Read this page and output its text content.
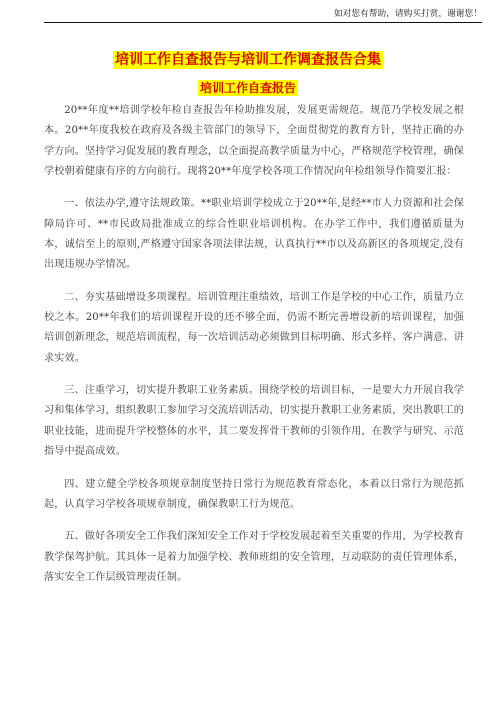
如对您有帮助，请购买打赏，谢谢您！
培训工作自查报告与培训工作调查报告合集
培训工作自查报告

20**年度**培训学校年检自查报告年检助推发展，发展更需规范。规范乃学校发展之根本。20**年度我校在政府及各级主管部门的领导下，全面贯彻党的教育方针，坚持正确的办学方向。坚持学习促发展的教育理念，以全面提高教学质量为中心，严格规范学校管理，确保学校朝着健康有序的方向前行。现将20**年度学校各项工作情况向年检组领导作简要汇报：

一、依法办学,遵守法规政策。**职业培训学校成立于20**年,是经**市人力资源和社会保障局许可、**市民政局批准成立的综合性职业培训机构。在办学工作中，我们遵循质量为本，诚信至上的原则,严格遵守国家各项法律法规，认真执行**市以及高新区的各项规定,没有出现违规办学情况。

二、夯实基础增设多项课程。培训管理注重绩效，培训工作是学校的中心工作，质量乃立校之本。20**年我们的培训课程开设的还不够全面，仍需不断完善增设新的培训课程，加强培训创新理念，规范培训流程，每一次培训活动必须做到目标明确、形式多样、客户满意、讲求实效。

三、注重学习，切实提升教职工业务素质。围绕学校的培训目标，一是要大力开展自我学习和集体学习，组织教职工参加学习交流培训活动，切实提升教职工业务素质，突出教职工的职业技能，进而提升学校整体的水平，其二要发挥骨干教师的引领作用，在教学与研究、示范指导中提高成效。

四、建立健全学校各项规章制度坚持日常行为规范教育常态化，本着以日常行为规范抓起，认真学习学校各项规章制度，确保教职工行为规范。

五、做好各项安全工作我们深知安全工作对于学校发展起着至关重要的作用，为学校教育教学保驾护航。其具体一是着力加强学校、教师班组的安全管理，互动联防的责任管理体系，落实安全工作层级管理责任制。
